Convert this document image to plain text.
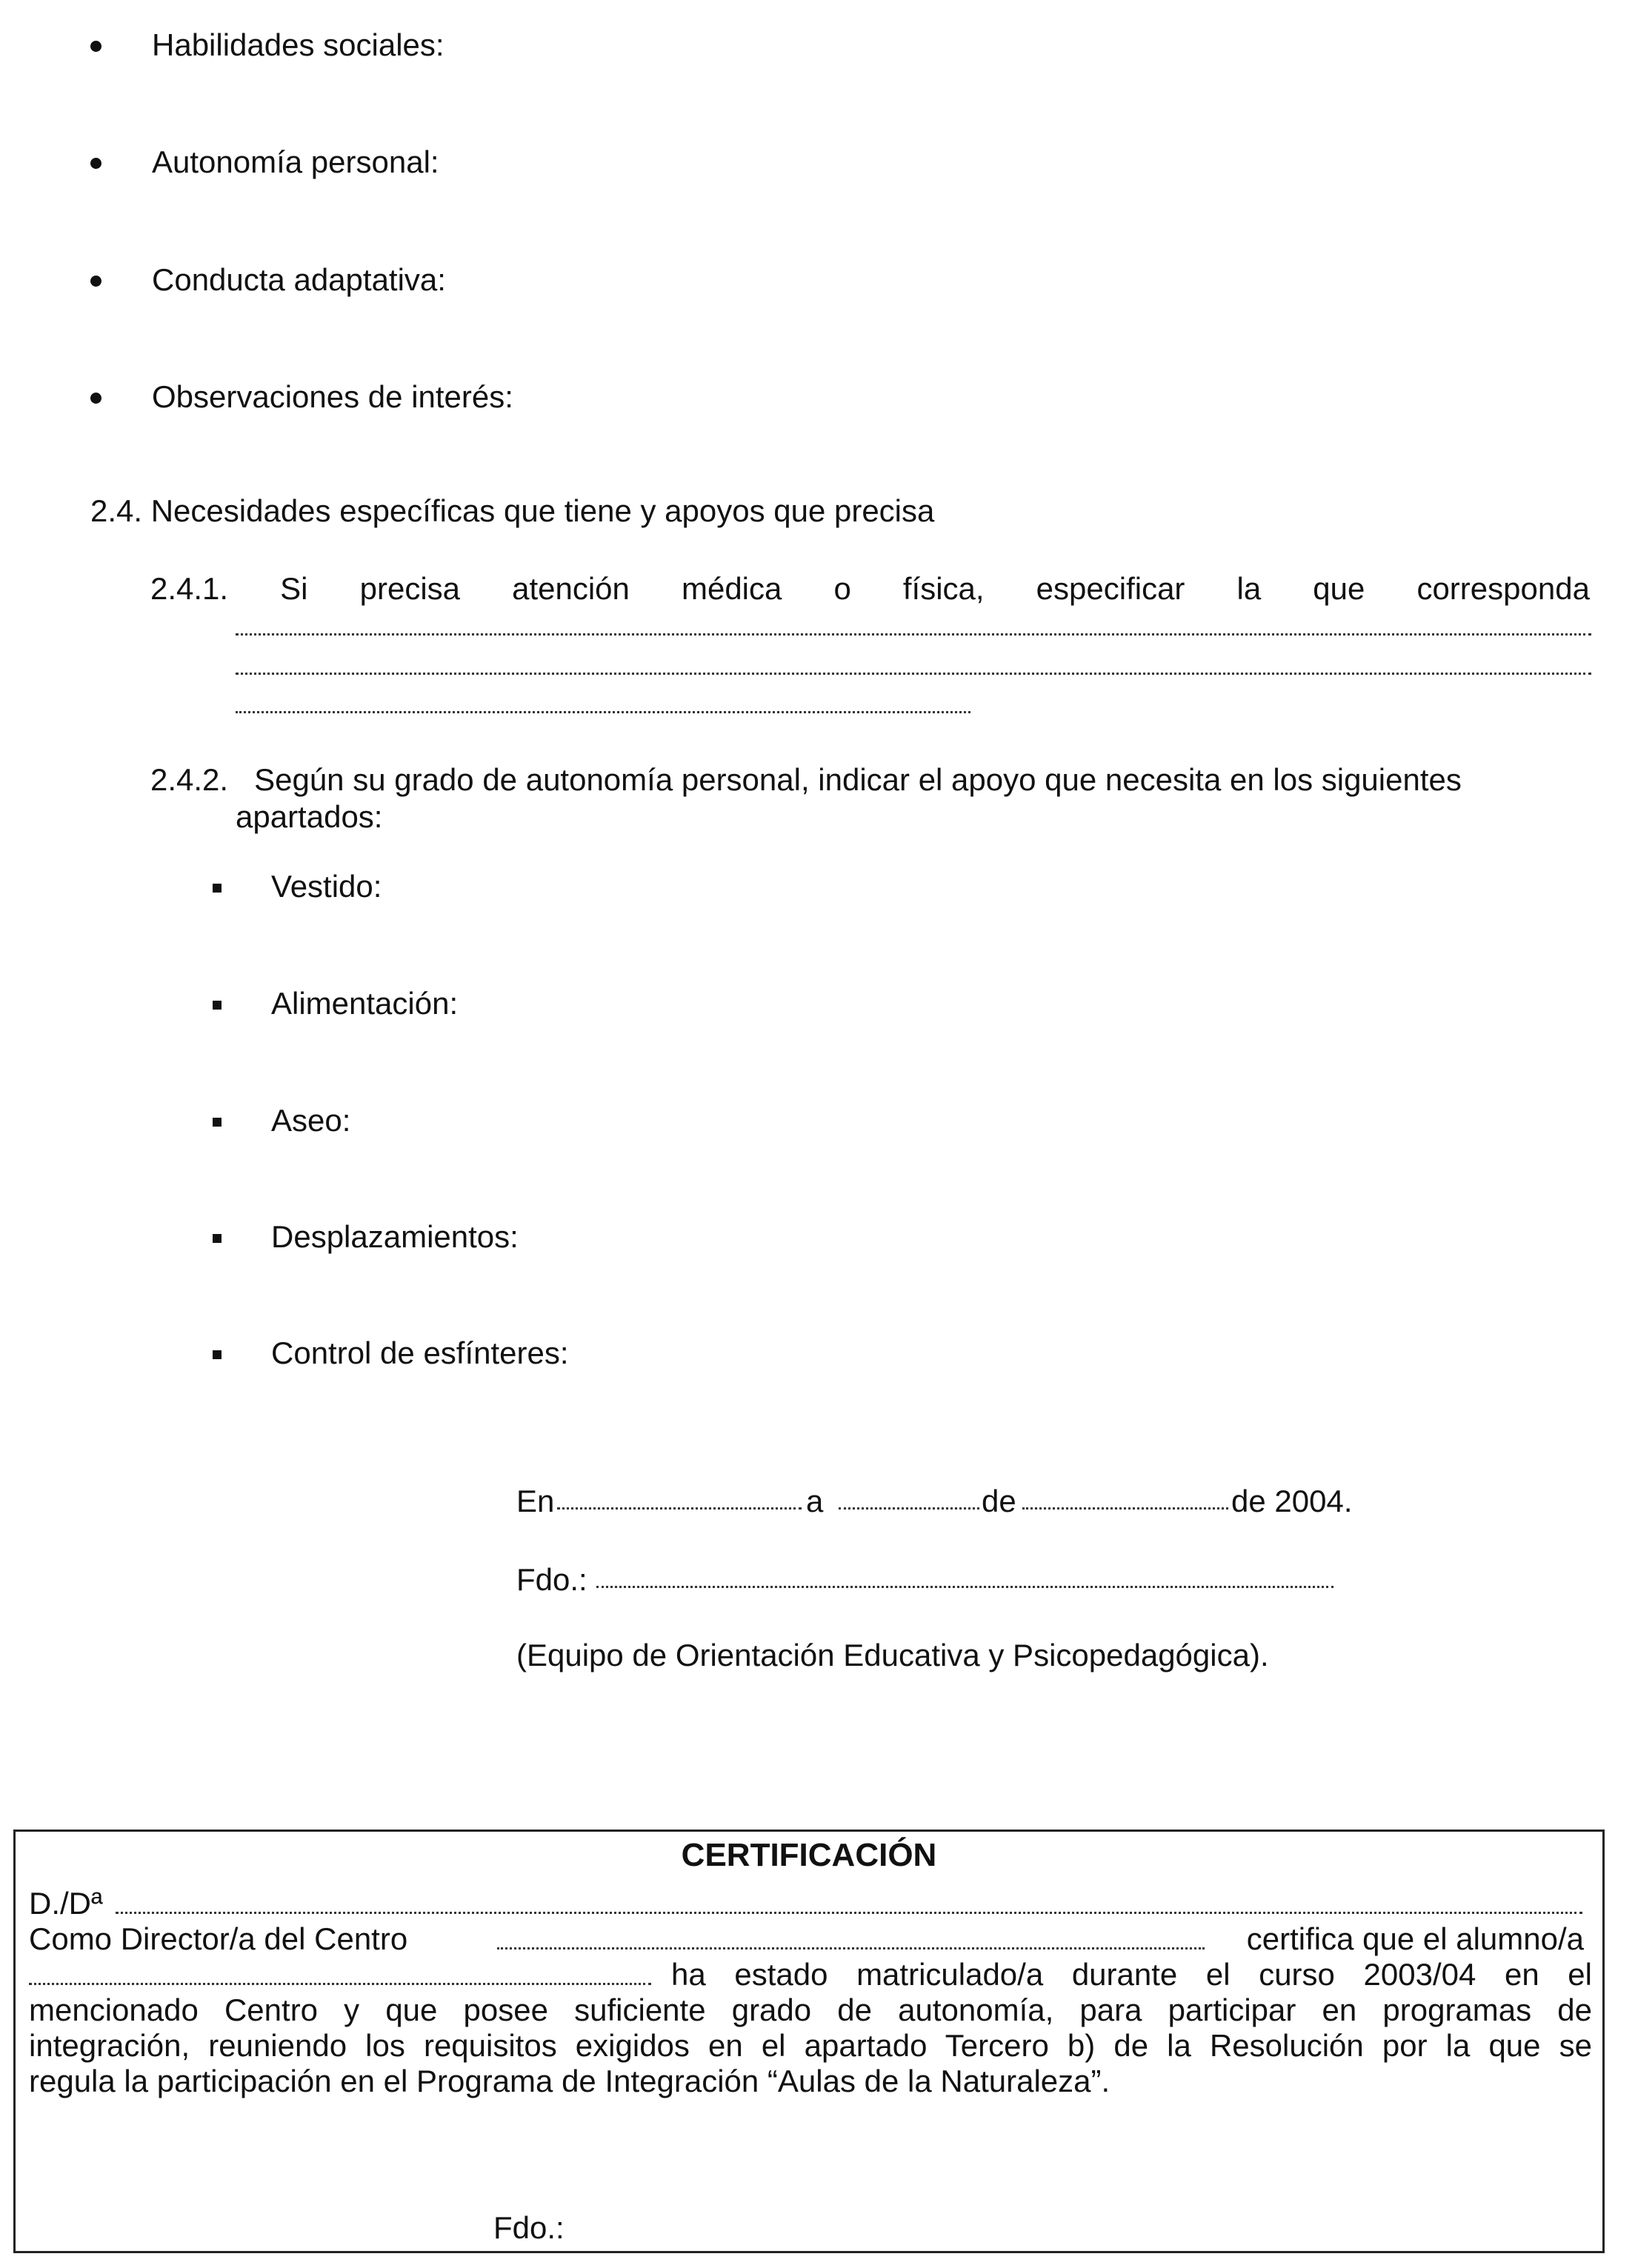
Habilidades sociales:
Autonomía personal:
Conducta adaptativa:
Observaciones de interés:
2.4. Necesidades específicas que tiene y apoyos que precisa
2.4.1. Si precisa atención médica o física, especificar la que corresponda
2.4.2.   Según su grado de autonomía personal, indicar el apoyo que necesita en los siguientes
apartados:
Vestido:
Alimentación:
Aseo:
Desplazamientos:
Control de esfínteres:
En	a	de	de 2004.
Fdo.:
(Equipo de Orientación Educativa y Psicopedagógica).
CERTIFICACIÓN
D./Dª
Como Director/a del Centro	certifica que el alumno/a
ha estado matriculado/a durante el curso 2003/04 en el
mencionado Centro y que posee suficiente grado de autonomía, para participar en programas de
integración, reuniendo los requisitos exigidos en el apartado Tercero b) de la Resolución por la que se
regula la participación en el Programa de Integración “Aulas de la Naturaleza”.
Fdo.:
